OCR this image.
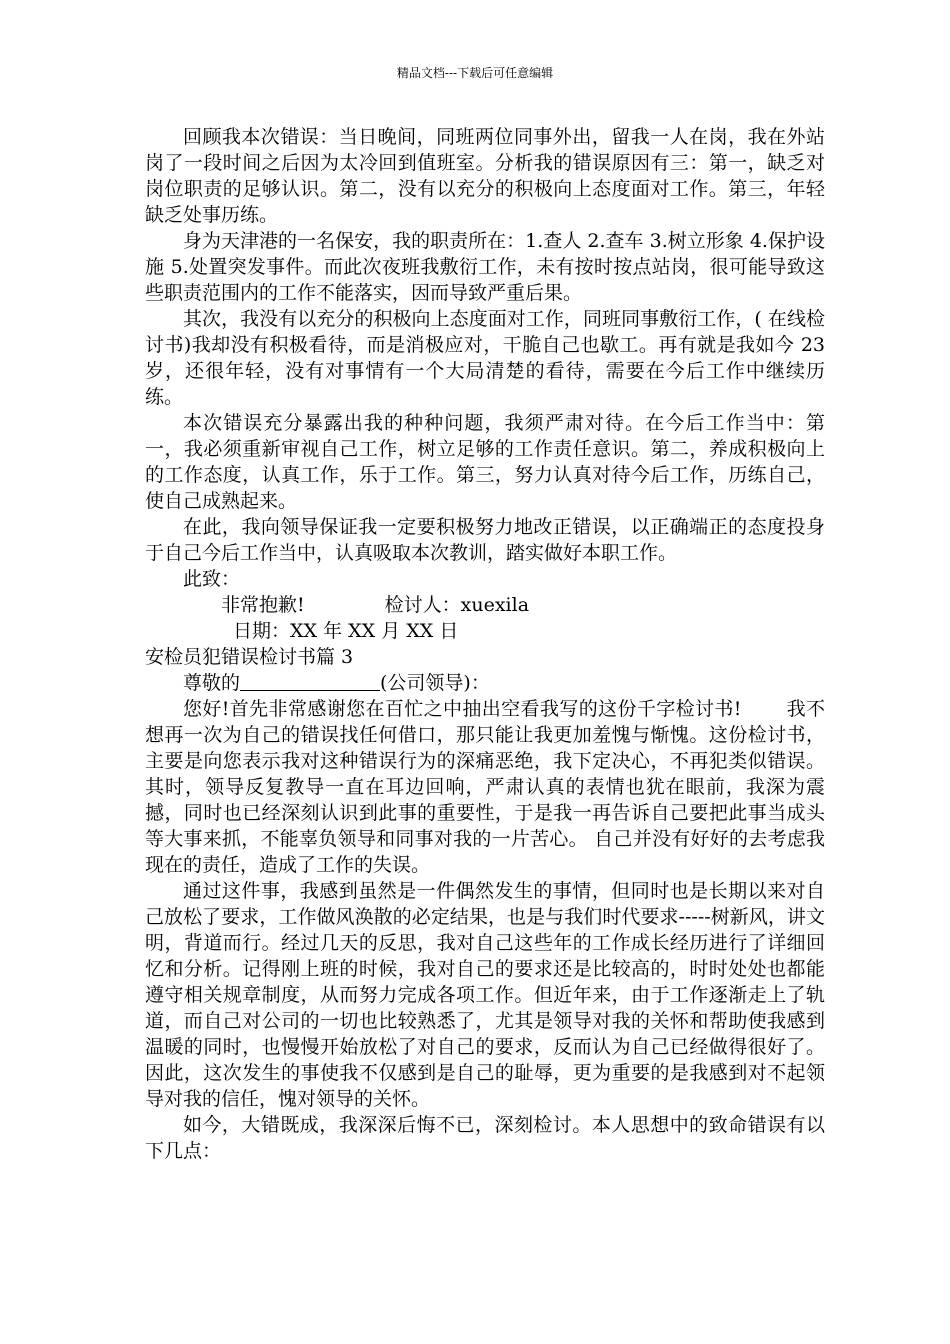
精品文档---下载后可任意编辑

回顾我本次错误：当日晚间，同班两位同事外出，留我一人在岗，我在外站岗了一段时间之后因为太冷回到值班室。分析我的错误原因有三：第一，缺乏对岗位职责的足够认识。第二，没有以充分的积极向上态度面对工作。第三，年轻缺乏处事历练。

身为天津港的一名保安，我的职责所在：1.查人 2.查车 3.树立形象 4.保护设施 5.处置突发事件。而此次夜班我敷衍工作，未有按时按点站岗，很可能导致这些职责范围内的工作不能落实，因而导致严重后果。

其次，我没有以充分的积极向上态度面对工作，同班同事敷衍工作，( 在线检讨书)我却没有积极看待，而是消极应对，干脆自己也歇工。再有就是我如今 23 岁，还很年轻，没有对事情有一个大局清楚的看待，需要在今后工作中继续历练。

本次错误充分暴露出我的种种问题，我须严肃对待。在今后工作当中：第一，我必须重新审视自己工作，树立足够的工作责任意识。第二，养成积极向上的工作态度，认真工作，乐于工作。第三，努力认真对待今后工作，历练自己，使自己成熟起来。

在此，我向领导保证我一定要积极努力地改正错误，以正确端正的态度投身于自己今后工作当中，认真吸取本次教训，踏实做好本职工作。

此致：

非常抱歉!	检讨人：xuexila日期：XX 年 XX 月 XX 日

安检员犯错误检讨书篇 3

尊敬的	(公司领导)：

您好!首先非常感谢您在百忙之中抽出空看我写的这份千字检讨书! 　　我不想再一次为自己的错误找任何借口，那只能让我更加羞愧与惭愧。这份检讨书，主要是向您表示我对这种错误行为的深痛恶绝，我下定决心，不再犯类似错误。其时，领导反复教导一直在耳边回响，严肃认真的表情也犹在眼前，我深为震撼，同时也已经深刻认识到此事的重要性，于是我一再告诉自己要把此事当成头等大事来抓，不能辜负领导和同事对我的一片苦心。 自己并没有好好的去考虑我现在的责任，造成了工作的失误。

通过这件事，我感到虽然是一件偶然发生的事情，但同时也是长期以来对自己放松了要求，工作做风涣散的必定结果，也是与我们时代要求-----树新风，讲文明，背道而行。经过几天的反思，我对自己这些年的工作成长经历进行了详细回忆和分析。记得刚上班的时候，我对自己的要求还是比较高的，时时处处也都能遵守相关规章制度，从而努力完成各项工作。但近年来，由于工作逐渐走上了轨道，而自己对公司的一切也比较熟悉了，尤其是领导对我的关怀和帮助使我感到温暖的同时，也慢慢开始放松了对自己的要求，反而认为自己已经做得很好了。因此，这次发生的事使我不仅感到是自己的耻辱，更为重要的是我感到对不起领导对我的信任，愧对领导的关怀。

如今，大错既成，我深深后悔不已，深刻检讨。本人思想中的致命错误有以下几点：
